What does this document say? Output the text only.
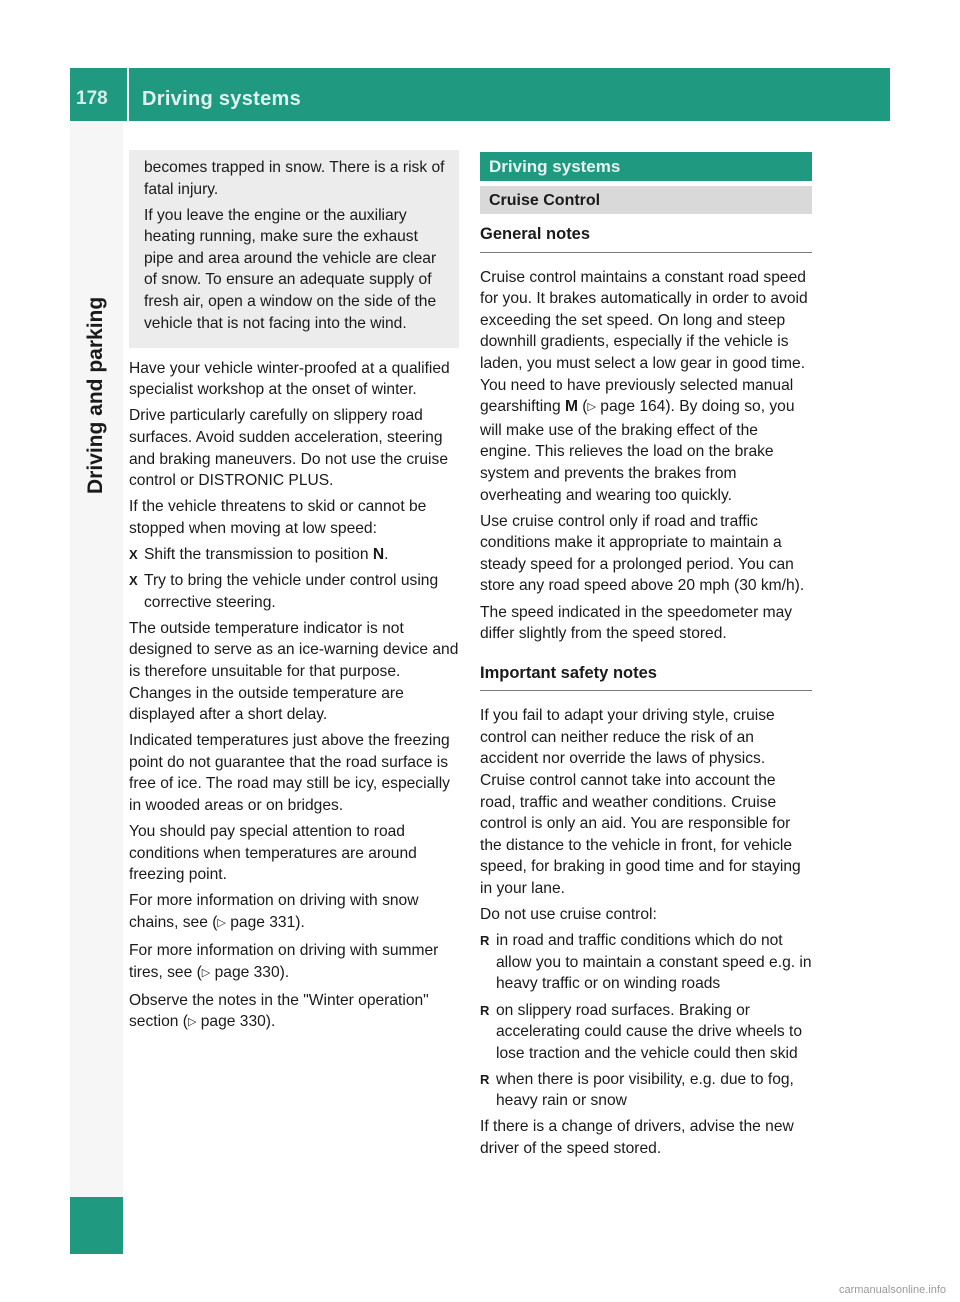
178	Driving systems
Driving and parking

becomes trapped in snow. There is a risk of fatal injury.

If you leave the engine or the auxiliary heating running, make sure the exhaust pipe and area around the vehicle are clear of snow. To ensure an adequate supply of fresh air, open a window on the side of the vehicle that is not facing into the wind.

Have your vehicle winter-proofed at a qualified specialist workshop at the onset of winter.

Drive particularly carefully on slippery road surfaces. Avoid sudden acceleration, steering and braking maneuvers. Do not use the cruise control or DISTRONIC PLUS.

If the vehicle threatens to skid or cannot be stopped when moving at low speed:

X Shift the transmission to position N.
X Try to bring the vehicle under control using corrective steering.

The outside temperature indicator is not designed to serve as an ice-warning device and is therefore unsuitable for that purpose. Changes in the outside temperature are displayed after a short delay.

Indicated temperatures just above the freezing point do not guarantee that the road surface is free of ice. The road may still be icy, especially in wooded areas or on bridges.

You should pay special attention to road conditions when temperatures are around freezing point.

For more information on driving with snow chains, see (▷ page 331).

For more information on driving with summer tires, see (▷ page 330).

Observe the notes in the "Winter operation" section (▷ page 330).

Driving systems
Cruise Control
General notes

Cruise control maintains a constant road speed for you. It brakes automatically in order to avoid exceeding the set speed. On long and steep downhill gradients, especially if the vehicle is laden, you must select a low gear in good time. You need to have previously selected manual gearshifting M (▷ page 164). By doing so, you will make use of the braking effect of the engine. This relieves the load on the brake system and prevents the brakes from overheating and wearing too quickly.

Use cruise control only if road and traffic conditions make it appropriate to maintain a steady speed for a prolonged period. You can store any road speed above 20 mph (30 km/h).

The speed indicated in the speedometer may differ slightly from the speed stored.

Important safety notes

If you fail to adapt your driving style, cruise control can neither reduce the risk of an accident nor override the laws of physics. Cruise control cannot take into account the road, traffic and weather conditions. Cruise control is only an aid. You are responsible for the distance to the vehicle in front, for vehicle speed, for braking in good time and for staying in your lane.

Do not use cruise control:

R in road and traffic conditions which do not allow you to maintain a constant speed e.g. in heavy traffic or on winding roads
R on slippery road surfaces. Braking or accelerating could cause the drive wheels to lose traction and the vehicle could then skid
R when there is poor visibility, e.g. due to fog, heavy rain or snow

If there is a change of drivers, advise the new driver of the speed stored.

carmanualsonline.info
